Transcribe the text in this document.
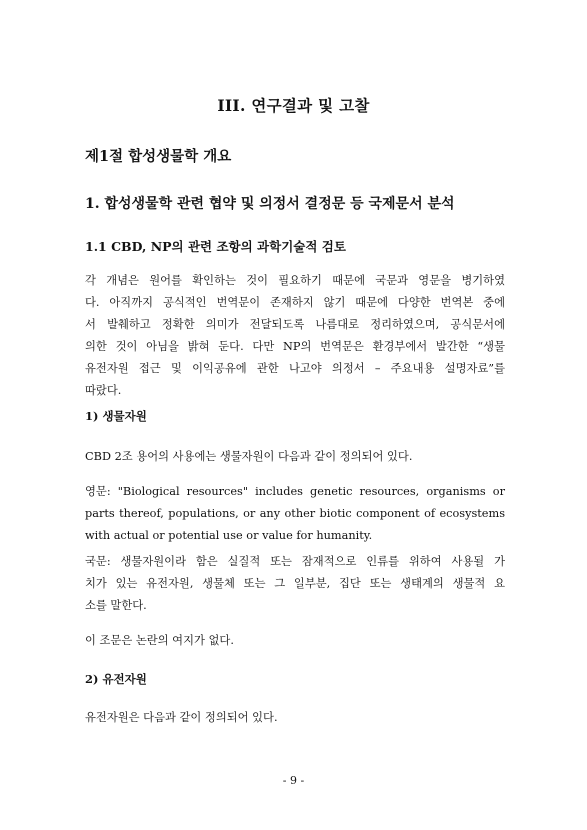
III. 연구결과 및 고찰
제1절 합성생물학 개요
1. 합성생물학 관련 협약 및 의정서 결정문 등 국제문서 분석
1.1 CBD, NP의 관련 조항의 과학기술적 검토

각 개념은 원어를 확인하는 것이 필요하기 때문에 국문과 영문을 병기하였
다. 아직까지 공식적인 번역문이 존재하지 않기 때문에 다양한 번역본 중에
서 발췌하고 정확한 의미가 전달되도록 나름대로 정리하였으며, 공식문서에
의한 것이 아님을 밝혀 둔다. 다만 NP의 번역문은 환경부에서 발간한 “생물
유전자원 접근 및 이익공유에 관한 나고야 의정서 – 주요내용 설명자료”를
따랐다.

1) 생물자원

CBD 2조 용어의 사용에는 생물자원이 다음과 같이 정의되어 있다.

영문: "Biological resources" includes genetic resources, organisms or
parts thereof, populations, or any other biotic component of ecosystems
with actual or potential use or value for humanity.

국문: 생물자원이라 함은 실질적 또는 잠재적으로 인류를 위하여 사용될 가
치가 있는 유전자원, 생물체 또는 그 일부분, 집단 또는 생태계의 생물적 요
소를 말한다.

이 조문은 논란의 여지가 없다.

2) 유전자원

유전자원은 다음과 같이 정의되어 있다.

- 9 -
